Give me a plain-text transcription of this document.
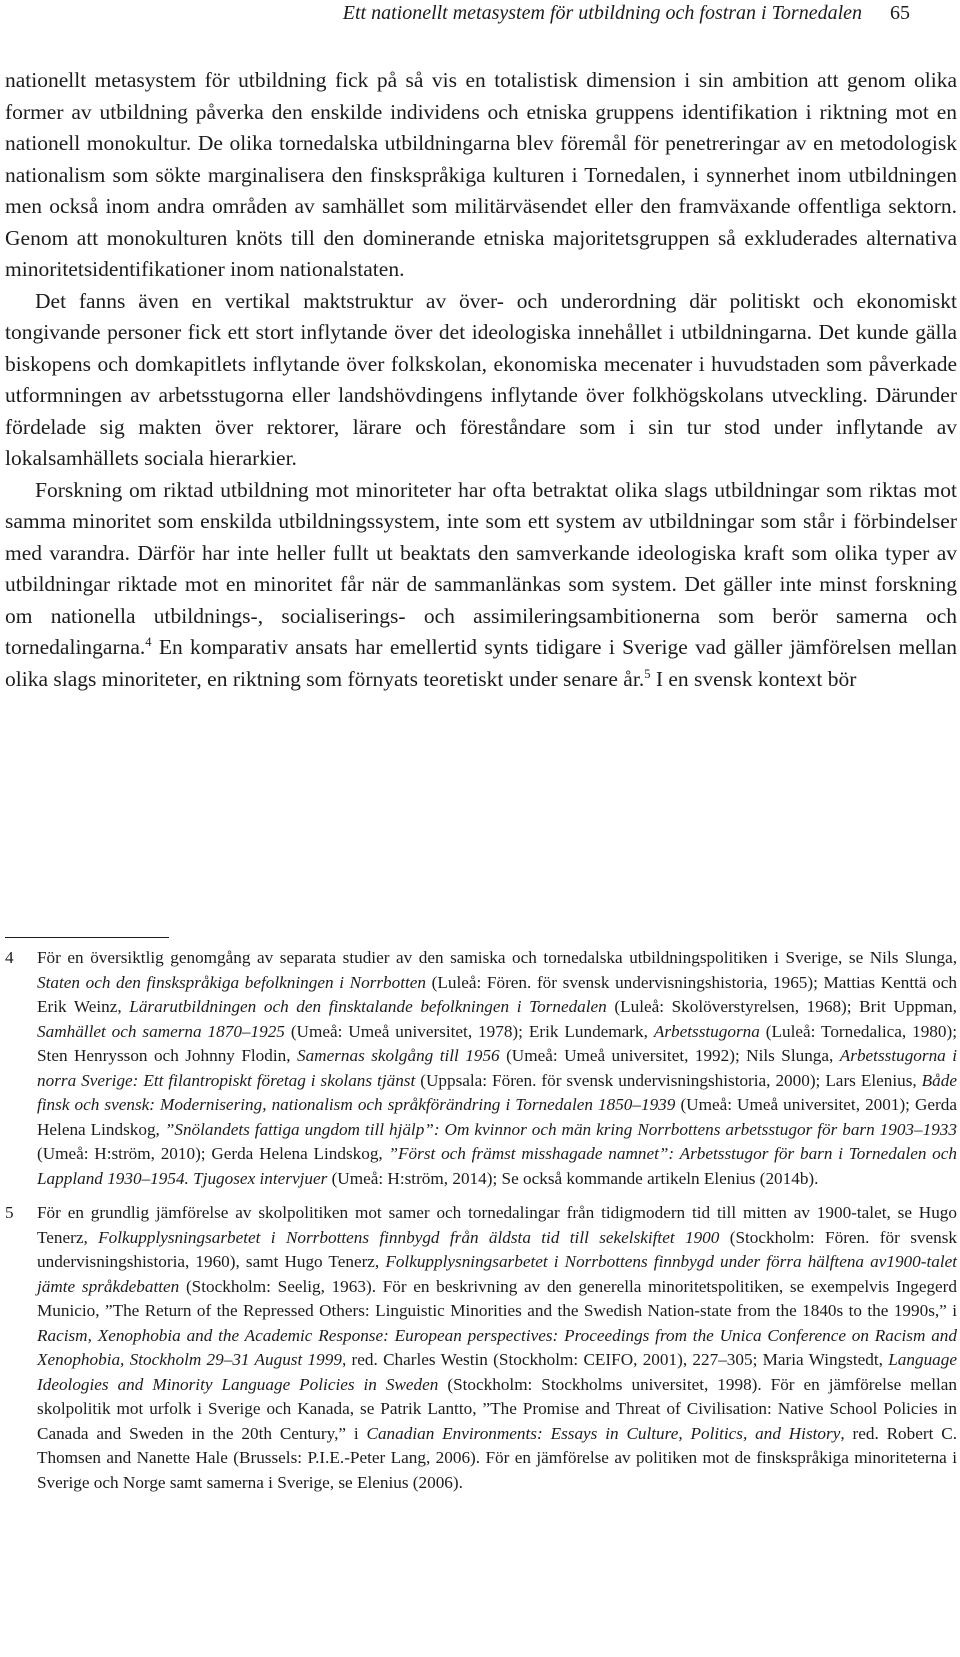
Ett nationellt metasystem för utbildning och fostran i Tornedalen 65

nationellt metasystem för utbildning fick på så vis en totalistisk dimension i sin ambition att genom olika former av utbildning påverka den enskilde individens och etniska gruppens identifikation i riktning mot en nationell monokultur. De olika tornedalska utbildningarna blev föremål för penetreringar av en metodologisk nationalism som sökte marginalisera den finskspråkiga kulturen i Tornedalen, i synnerhet inom utbildningen men också inom andra områden av samhället som militärväsendet eller den framväxande offentliga sektorn. Genom att monokulturen knöts till den dominerande etniska majoritetsgruppen så exkluderades alternativa minoritetsidentifikationer inom nationalstaten.

Det fanns även en vertikal maktstruktur av över- och underordning där politiskt och ekonomiskt tongivande personer fick ett stort inflytande över det ideologiska innehållet i utbildningarna. Det kunde gälla biskopens och domkapitlets inflytande över folkskolan, ekonomiska mecenater i huvudstaden som påverkade utformningen av arbetsstugorna eller landshövdingens inflytande över folkhögskolans utveckling. Därunder fördelade sig makten över rektorer, lärare och föreståndare som i sin tur stod under inflytande av lokalsamhällets sociala hierarkier.

Forskning om riktad utbildning mot minoriteter har ofta betraktat olika slags utbildningar som riktas mot samma minoritet som enskilda utbildningssystem, inte som ett system av utbildningar som står i förbindelser med varandra. Därför har inte heller fullt ut beaktats den samverkande ideologiska kraft som olika typer av utbildningar riktade mot en minoritet får när de sammanlänkas som system. Det gäller inte minst forskning om nationella utbildnings-, socialiserings- och assimileringsambitionerna som berör samerna och tornedalingarna.$^4$ En komparativ ansats har emellertid synts tidigare i Sverige vad gäller jämförelsen mellan olika slags minoriteter, en riktning som förnyats teoretiskt under senare år.$^5$ I en svensk kontext bör

4	För en översiktlig genomgång av separata studier av den samiska och tornedalska utbildningspolitiken i Sverige, se Nils Slunga, Staten och den finskspråkiga befolkningen i Norrbotten (Luleå: Fören. för svensk undervisningshistoria, 1965); Mattias Kenttä och Erik Weinz, Lärarutbildningen och den finsktalande befolkningen i Tornedalen (Luleå: Skolöverstyrelsen, 1968); Brit Uppman, Samhället och samerna 1870–1925 (Umeå: Umeå universitet, 1978); Erik Lundemark, Arbetsstugorna (Luleå: Tornedalica, 1980); Sten Henrysson och Johnny Flodin, Samernas skolgång till 1956 (Umeå: Umeå universitet, 1992); Nils Slunga, Arbetsstugorna i norra Sverige: Ett filantropiskt företag i skolans tjänst (Uppsala: Fören. för svensk undervisningshistoria, 2000); Lars Elenius, Både finsk och svensk: Modernisering, nationalism och språkförändring i Tornedalen 1850–1939 (Umeå: Umeå universitet, 2001); Gerda Helena Lindskog, ”Snölandets fattiga ungdom till hjälp”: Om kvinnor och män kring Norrbottens arbetsstugor för barn 1903–1933 (Umeå: H:ström, 2010); Gerda Helena Lindskog, ”Först och främst misshagade namnet”: Arbetsstugor för barn i Tornedalen och Lappland 1930–1954. Tjugosex intervjuer (Umeå: H:ström, 2014); Se också kommande artikeln Elenius (2014b).
5	För en grundlig jämförelse av skolpolitiken mot samer och tornedalingar från tidigmodern tid till mitten av 1900-talet, se Hugo Tenerz, Folkupplysningsarbetet i Norrbottens finnbygd från äldsta tid till sekelskiftet 1900 (Stockholm: Fören. för svensk undervisningshistoria, 1960), samt Hugo Tenerz, Folkupplysningsarbetet i Norrbottens finnbygd under förra hälftena av1900-talet jämte språkdebatten (Stockholm: Seelig, 1963). För en beskrivning av den generella minoritetspolitiken, se exempelvis Ingegerd Municio, ”The Return of the Repressed Others: Linguistic Minorities and the Swedish Nation-state from the 1840s to the 1990s,” i Racism, Xenophobia and the Academic Response: European perspectives: Proceedings from the Unica Conference on Racism and Xenophobia, Stockholm 29–31 August 1999, red. Charles Westin (Stockholm: CEIFO, 2001), 227–305; Maria Wingstedt, Language Ideologies and Minority Language Policies in Sweden (Stockholm: Stockholms universitet, 1998). För en jämförelse mellan skolpolitik mot urfolk i Sverige och Kanada, se Patrik Lantto, ”The Promise and Threat of Civilisation: Native School Policies in Canada and Sweden in the 20th Century,” i Canadian Environments: Essays in Culture, Politics, and History, red. Robert C. Thomsen and Nanette Hale (Brussels: P.I.E.-Peter Lang, 2006). För en jämförelse av politiken mot de finskspråkiga minoriteterna i Sverige och Norge samt samerna i Sverige, se Elenius (2006).
